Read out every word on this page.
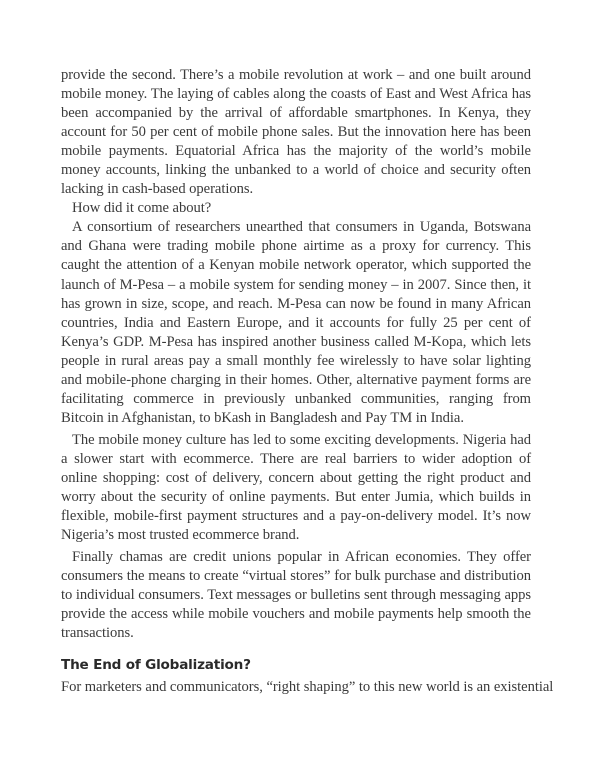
provide the second. There’s a mobile revolution at work – and one built around mobile money. The laying of cables along the coasts of East and West Africa has been accompanied by the arrival of affordable smartphones. In Kenya, they account for 50 per cent of mobile phone sales. But the innovation here has been mobile payments. Equatorial Africa has the majority of the world’s mobile money accounts, linking the unbanked to a world of choice and security often lacking in cash-based operations.

How did it come about?

A consortium of researchers unearthed that consumers in Uganda, Botswana and Ghana were trading mobile phone airtime as a proxy for currency. This caught the attention of a Kenyan mobile network operator, which supported the launch of M-Pesa – a mobile system for sending money – in 2007. Since then, it has grown in size, scope, and reach. M-Pesa can now be found in many African countries, India and Eastern Europe, and it accounts for fully 25 per cent of Kenya’s GDP. M-Pesa has inspired another business called M-Kopa, which lets people in rural areas pay a small monthly fee wirelessly to have solar lighting and mobile-phone charging in their homes. Other, alternative payment forms are facilitating commerce in previously unbanked communities, ranging from Bitcoin in Afghanistan, to bKash in Bangladesh and Pay TM in India.

The mobile money culture has led to some exciting developments. Nigeria had a slower start with ecommerce. There are real barriers to wider adoption of online shopping: cost of delivery, concern about getting the right product and worry about the security of online payments. But enter Jumia, which builds in flexible, mobile-first payment structures and a pay-on-delivery model. It’s now Nigeria’s most trusted ecommerce brand.

Finally chamas are credit unions popular in African economies. They offer consumers the means to create “virtual stores” for bulk purchase and distribution to individual consumers. Text messages or bulletins sent through messaging apps provide the access while mobile vouchers and mobile payments help smooth the transactions.

The End of Globalization?

For marketers and communicators, “right shaping” to this new world is an existential
